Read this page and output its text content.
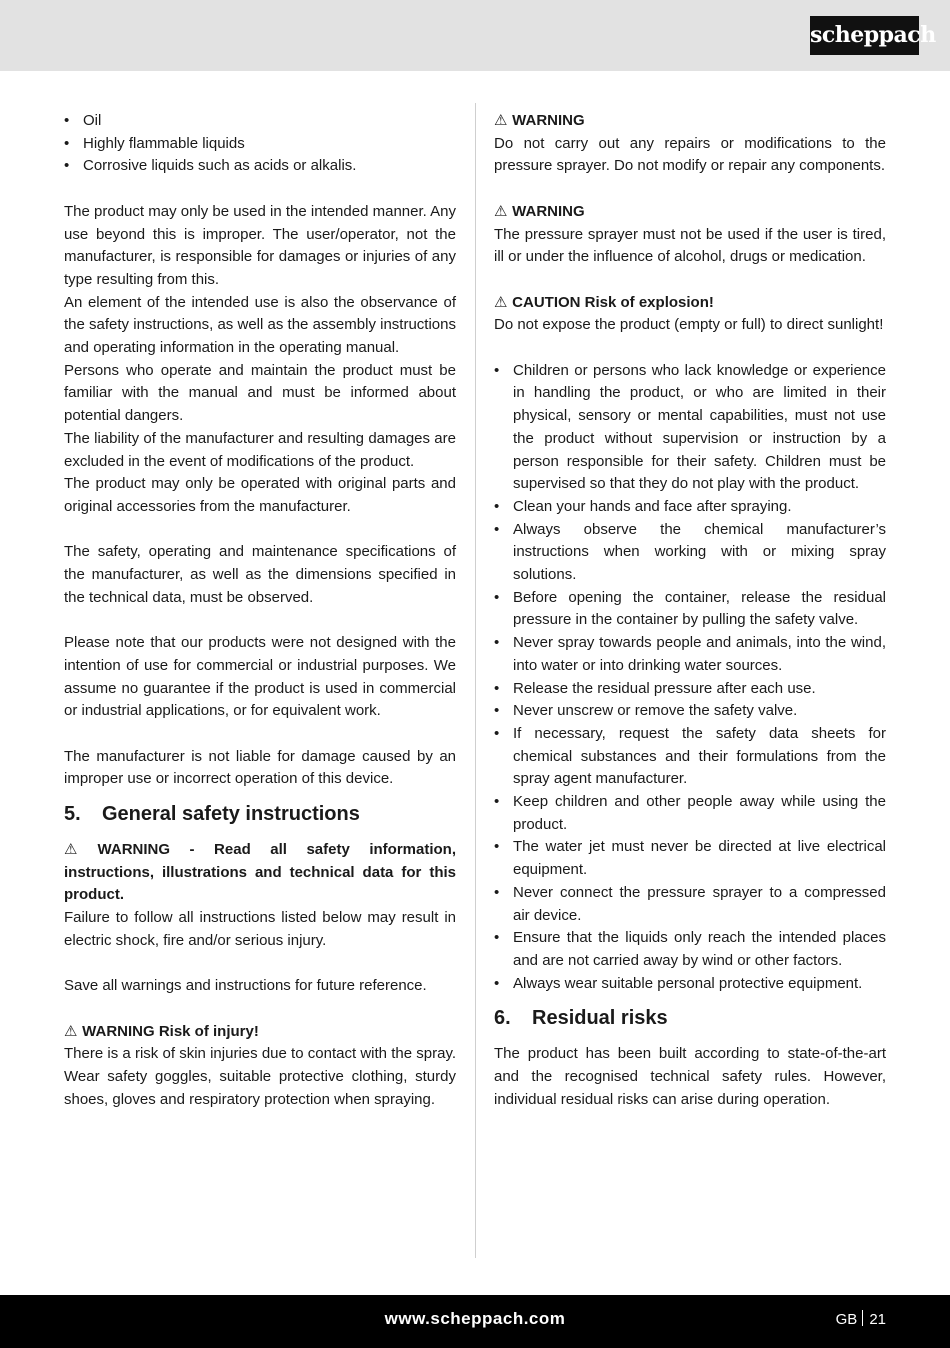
scheppach
• Oil
• Highly flammable liquids
• Corrosive liquids such as acids or alkalis.

The product may only be used in the intended manner. Any use beyond this is improper. The user/operator, not the manufacturer, is responsible for damages or injuries of any type resulting from this.

An element of the intended use is also the observance of the safety instructions, as well as the assembly instructions and operating information in the operating manual.

Persons who operate and maintain the product must be familiar with the manual and must be informed about potential dangers.

The liability of the manufacturer and resulting damages are excluded in the event of modifications of the product.

The product may only be operated with original parts and original accessories from the manufacturer.

The safety, operating and maintenance specifications of the manufacturer, as well as the dimensions specified in the technical data, must be observed.

Please note that our products were not designed with the intention of use for commercial or industrial purposes. We assume no guarantee if the product is used in commercial or industrial applications, or for equivalent work.

The manufacturer is not liable for damage caused by an improper use or incorrect operation of this device.

5. General safety instructions

⚠ WARNING - Read all safety information, instructions, illustrations and technical data for this product.

Failure to follow all instructions listed below may result in electric shock, fire and/or serious injury.

Save all warnings and instructions for future reference.

⚠ WARNING Risk of injury!

There is a risk of skin injuries due to contact with the spray. Wear safety goggles, suitable protective clothing, sturdy shoes, gloves and respiratory protection when spraying.

⚠ WARNING

Do not carry out any repairs or modifications to the pressure sprayer. Do not modify or repair any components.

⚠ WARNING

The pressure sprayer must not be used if the user is tired, ill or under the influence of alcohol, drugs or medication.

⚠ CAUTION Risk of explosion!

Do not expose the product (empty or full) to direct sunlight!

• Children or persons who lack knowledge or experience in handling the product, or who are limited in their physical, sensory or mental capabilities, must not use the product without supervision or instruction by a person responsible for their safety. Children must be supervised so that they do not play with the product.
• Clean your hands and face after spraying.
• Always observe the chemical manufacturer’s instructions when working with or mixing spray solutions.
• Before opening the container, release the residual pressure in the container by pulling the safety valve.
• Never spray towards people and animals, into the wind, into water or into drinking water sources.
• Release the residual pressure after each use.
• Never unscrew or remove the safety valve.
• If necessary, request the safety data sheets for chemical substances and their formulations from the spray agent manufacturer.
• Keep children and other people away while using the product.
• The water jet must never be directed at live electrical equipment.
• Never connect the pressure sprayer to a compressed air device.
• Ensure that the liquids only reach the intended places and are not carried away by wind or other factors.
• Always wear suitable personal protective equipment.
6. Residual risks

The product has been built according to state-of-the-art and the recognised technical safety rules. However, individual residual risks can arise during operation.

www.scheppach.com	GB 21
